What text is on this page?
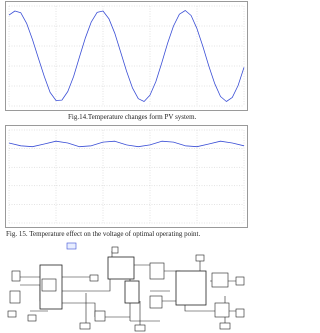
Fig.14.Temperature changes form PV system.
Fig. 15. Temperature effect on the voltage of optimal operating point.
